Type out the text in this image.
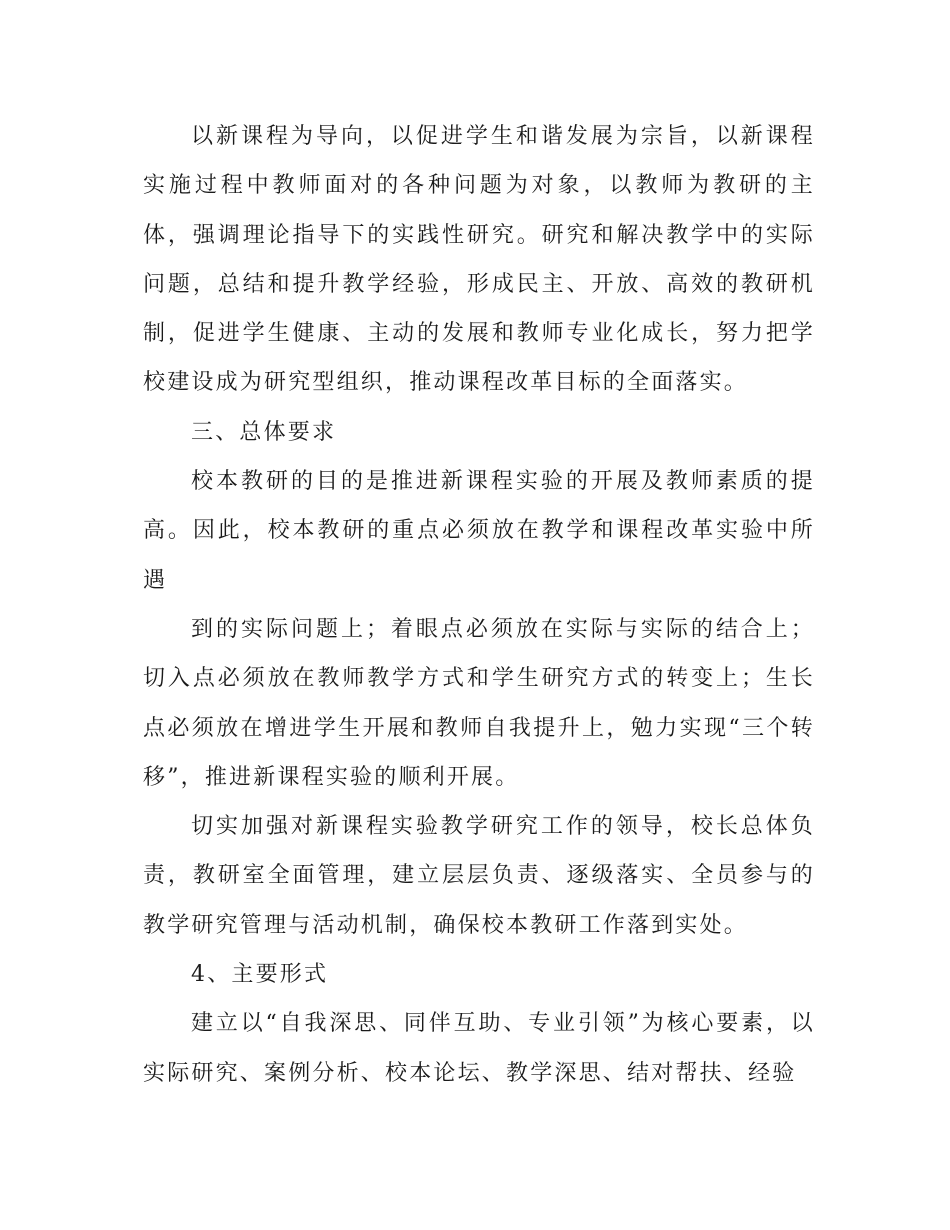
以新课程为导向，以促进学生和谐发展为宗旨，以新课程实施过程中教师面对的各种问题为对象，以教师为教研的主体，强调理论指导下的实践性研究。研究和解决教学中的实际问题，总结和提升教学经验，形成民主、开放、高效的教研机制，促进学生健康、主动的发展和教师专业化成长，努力把学校建设成为研究型组织，推动课程改革目标的全面落实。

三、总体要求

校本教研的目的是推进新课程实验的开展及教师素质的提高。因此，校本教研的重点必须放在教学和课程改革实验中所遇

到的实际问题上；着眼点必须放在实际与实际的结合上；切入点必须放在教师教学方式和学生研究方式的转变上；生长点必须放在增进学生开展和教师自我提升上，勉力实现“三个转移”，推进新课程实验的顺利开展。

切实加强对新课程实验教学研究工作的领导，校长总体负责，教研室全面管理，建立层层负责、逐级落实、全员参与的教学研究管理与活动机制，确保校本教研工作落到实处。

4、主要形式

建立以“自我深思、同伴互助、专业引领”为核心要素，以实际研究、案例分析、校本论坛、教学深思、结对帮扶、经验
